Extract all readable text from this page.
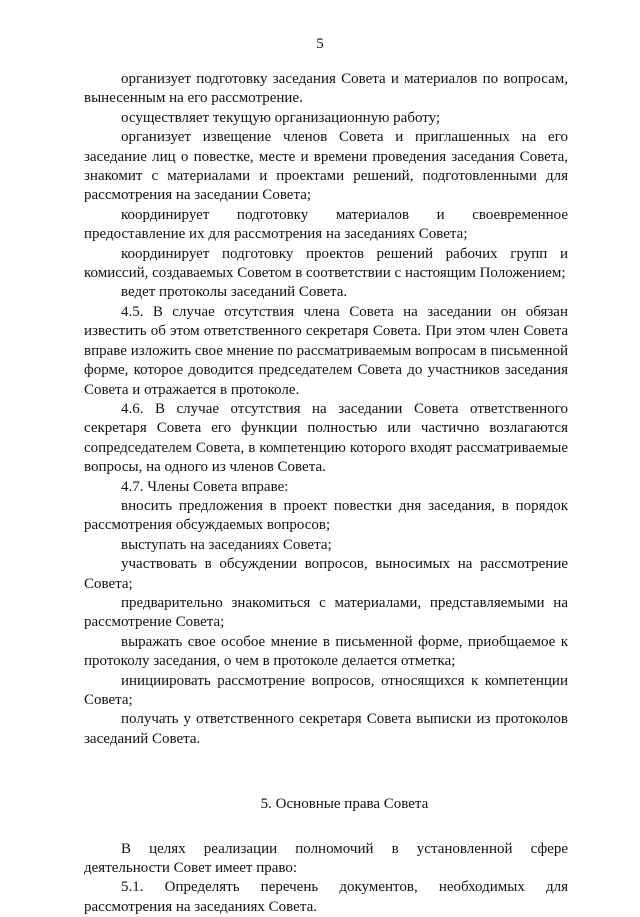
5

организует подготовку заседания Совета и материалов по вопросам, вынесенным на его рассмотрение.

осуществляет текущую организационную работу;

организует извещение членов Совета и приглашенных на его заседание лиц о повестке, месте и времени проведения заседания Совета, знакомит с материалами и проектами решений, подготовленными для рассмотрения на заседании Совета;

координирует подготовку материалов и своевременное предоставление их для рассмотрения на заседаниях Совета;

координирует подготовку проектов решений рабочих групп и комиссий, создаваемых Советом в соответствии с настоящим Положением;

ведет протоколы заседаний Совета.

4.5. В случае отсутствия члена Совета на заседании он обязан известить об этом ответственного секретаря Совета. При этом член Совета вправе изложить свое мнение по рассматриваемым вопросам в письменной форме, которое доводится председателем Совета до участников заседания Совета и отражается в протоколе.

4.6. В случае отсутствия на заседании Совета ответственного секретаря Совета его функции полностью или частично возлагаются сопредседателем Совета, в компетенцию которого входят рассматриваемые вопросы, на одного из членов Совета.

4.7. Члены Совета вправе:

вносить предложения в проект повестки дня заседания, в порядок рассмотрения обсуждаемых вопросов;

выступать на заседаниях Совета;

участвовать в обсуждении вопросов, выносимых на рассмотрение Совета;

предварительно знакомиться с материалами, представляемыми на рассмотрение Совета;

выражать свое особое мнение в письменной форме, приобщаемое к протоколу заседания, о чем в протоколе делается отметка;

инициировать рассмотрение вопросов, относящихся к компетенции Совета;

получать у ответственного секретаря Совета выписки из протоколов заседаний Совета.

5. Основные права Совета

В целях реализации полномочий в установленной сфере деятельности Совет имеет право:

5.1. Определять перечень документов, необходимых для рассмотрения на заседаниях Совета.
